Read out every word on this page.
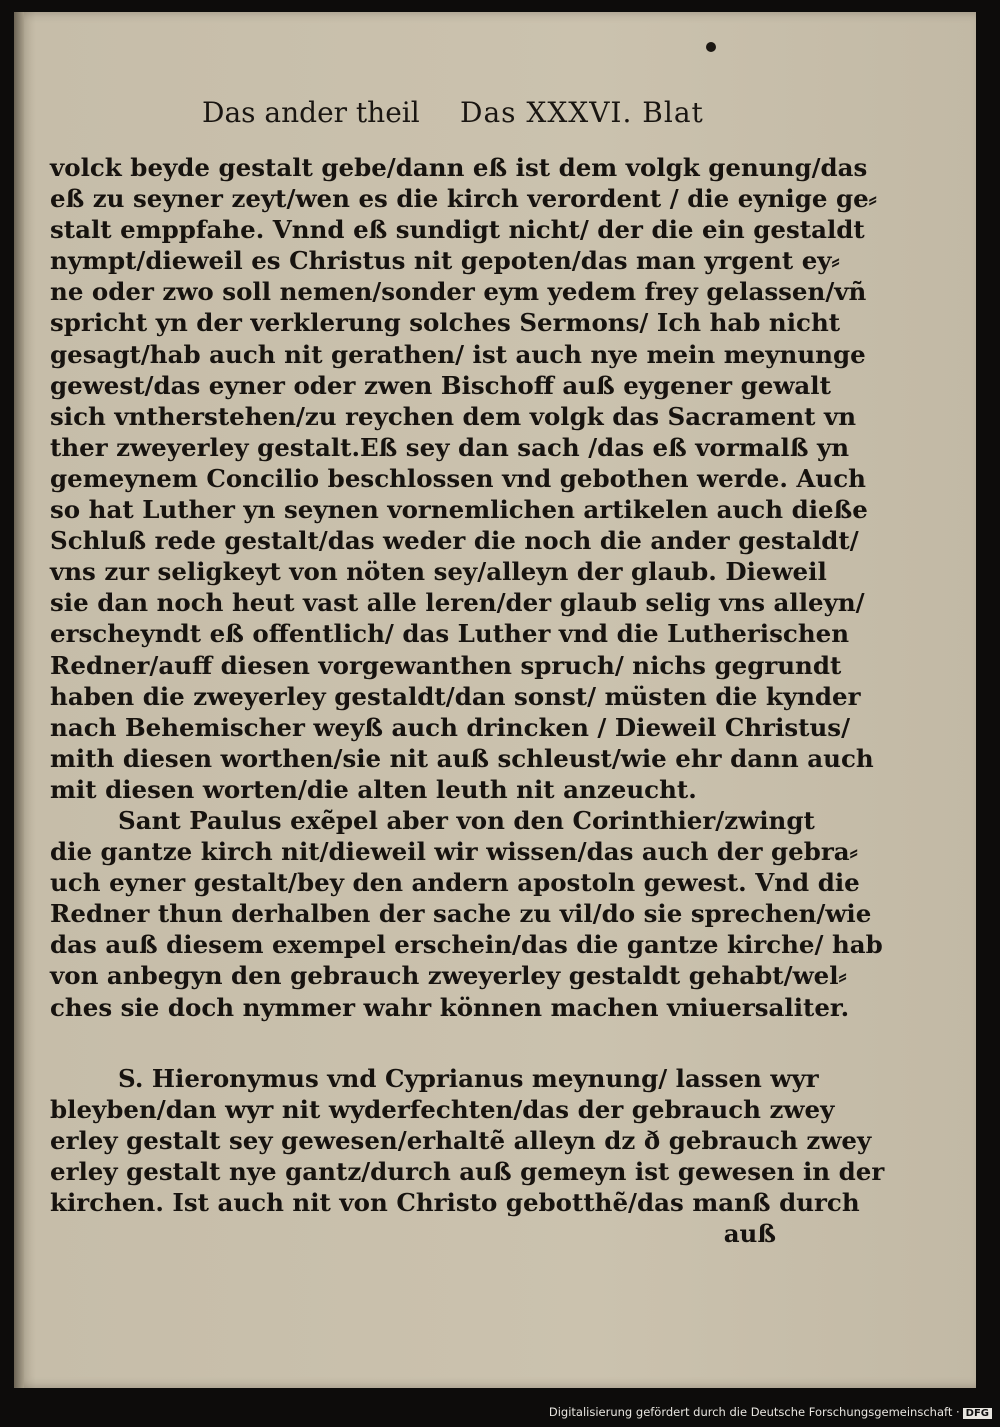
Das ander theil Das XXXVI. Blat
volck beyde gestalt gebe/dann eß ist dem volgk genung/das
eß zu seyner zeyt/wen es die kirch verordent / die eynige ge⸗
stalt emppfahe. Vnnd eß sundigt nicht/ der die ein gestaldt
nympt/dieweil es Christus nit gepoten/das man yrgent ey⸗
ne oder zwo soll nemen/sonder eym yedem frey gelassen/vñ
spricht yn der verklerung solches Sermons/ Ich hab nicht
gesagt/hab auch nit gerathen/ ist auch nye mein meynunge
gewest/das eyner oder zwen Bischoff auß eygener gewalt
sich vntherstehen/zu reychen dem volgk das Sacrament vn
ther zweyerley gestalt.Eß sey dan sach /das eß vormalß yn
gemeynem Concilio beschlossen vnd gebothen werde. Auch
so hat Luther yn seynen vornemlichen artikelen auch dieße
Schluß rede gestalt/das weder die noch die ander gestaldt/
vns zur seligkeyt von nöten sey/alleyn der glaub. Dieweil
sie dan noch heut vast alle leren/der glaub selig vns alleyn/
erscheyndt eß offentlich/ das Luther vnd die Lutherischen
Redner/auff diesen vorgewanthen spruch/ nichs gegrundt
haben die zweyerley gestaldt/dan sonst/ müsten die kynder
nach Behemischer weyß auch drincken / Dieweil Christus/
mith diesen worthen/sie nit auß schleust/wie ehr dann auch
mit diesen worten/die alten leuth nit anzeucht.
Sant Paulus exẽpel aber von den Corinthier/zwingt
die gantze kirch nit/dieweil wir wissen/das auch der gebra⸗
uch eyner gestalt/bey den andern apostoln gewest. Vnd die
Redner thun derhalben der sache zu vil/do sie sprechen/wie
das auß diesem exempel erschein/das die gantze kirche/ hab
von anbegyn den gebrauch zweyerley gestaldt gehabt/wel⸗
ches sie doch nymmer wahr können machen vniuersaliter.
S. Hieronymus vnd Cyprianus meynung/ lassen wyr
bleyben/dan wyr nit wyderfechten/das der gebrauch zwey
erley gestalt sey gewesen/erhaltẽ alleyn dz ð gebrauch zwey
erley gestalt nye gantz/durch auß gemeyn ist gewesen in der
kirchen. Ist auch nit von Christo gebotthẽ/das manß durch
auß
Digitalisierung gefördert durch die Deutsche Forschungsgemeinschaft · DFG
